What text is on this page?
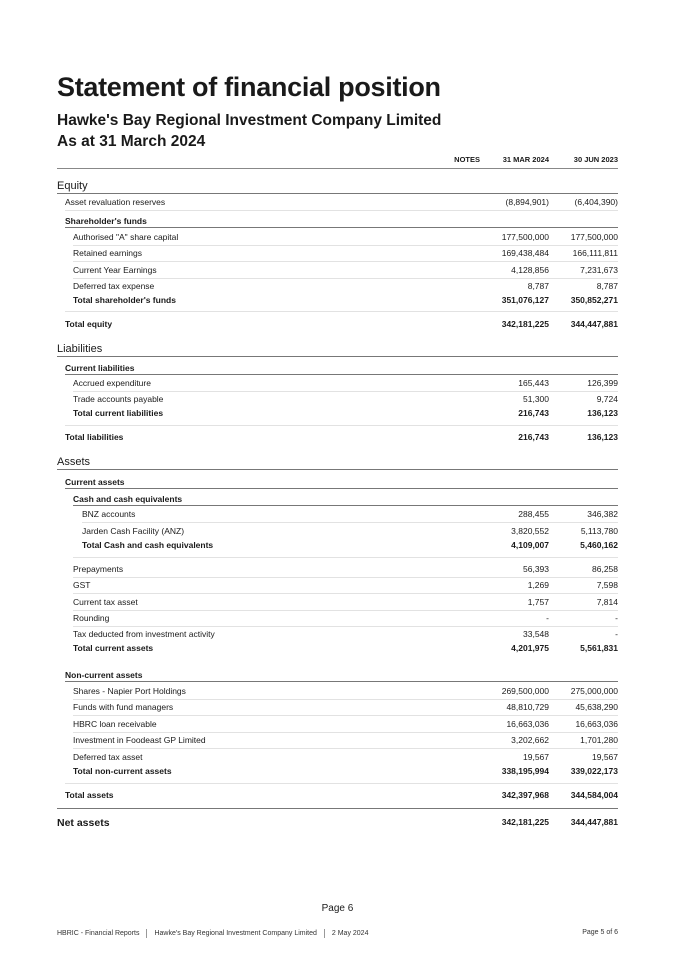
Statement of financial position
Hawke's Bay Regional Investment Company Limited
As at 31 March 2024
NOTES	31 MAR 2024	30 JUN 2023
Equity
Asset revaluation reserves	(8,894,901)	(6,404,390)
Shareholder's funds
Authorised "A" share capital	177,500,000	177,500,000
Retained earnings	169,438,484	166,111,811
Current Year Earnings	4,128,856	7,231,673
Deferred tax expense	8,787	8,787
Total shareholder's funds	351,076,127	350,852,271
Total equity	342,181,225	344,447,881
Liabilities
Current liabilities
Accrued expenditure	165,443	126,399
Trade accounts payable	51,300	9,724
Total current liabilities	216,743	136,123
Total liabilities	216,743	136,123
Assets
Current assets
Cash and cash equivalents
BNZ accounts	288,455	346,382
Jarden Cash Facility (ANZ)	3,820,552	5,113,780
Total Cash and cash equivalents	4,109,007	5,460,162
Prepayments	56,393	86,258
GST	1,269	7,598
Current tax asset	1,757	7,814
Rounding	-	-
Tax deducted from investment activity	33,548	-
Total current assets	4,201,975	5,561,831
Non-current assets
Shares - Napier Port Holdings	269,500,000	275,000,000
Funds with fund managers	48,810,729	45,638,290
HBRC loan receivable	16,663,036	16,663,036
Investment in Foodeast GP Limited	3,202,662	1,701,280
Deferred tax asset	19,567	19,567
Total non-current assets	338,195,994	339,022,173
Total assets	342,397,968	344,584,004
Net assets	342,181,225	344,447,881
Page 6
HBRIC - Financial Reports Hawke's Bay Regional Investment Company Limited 2 May 2024	Page 5 of 6
